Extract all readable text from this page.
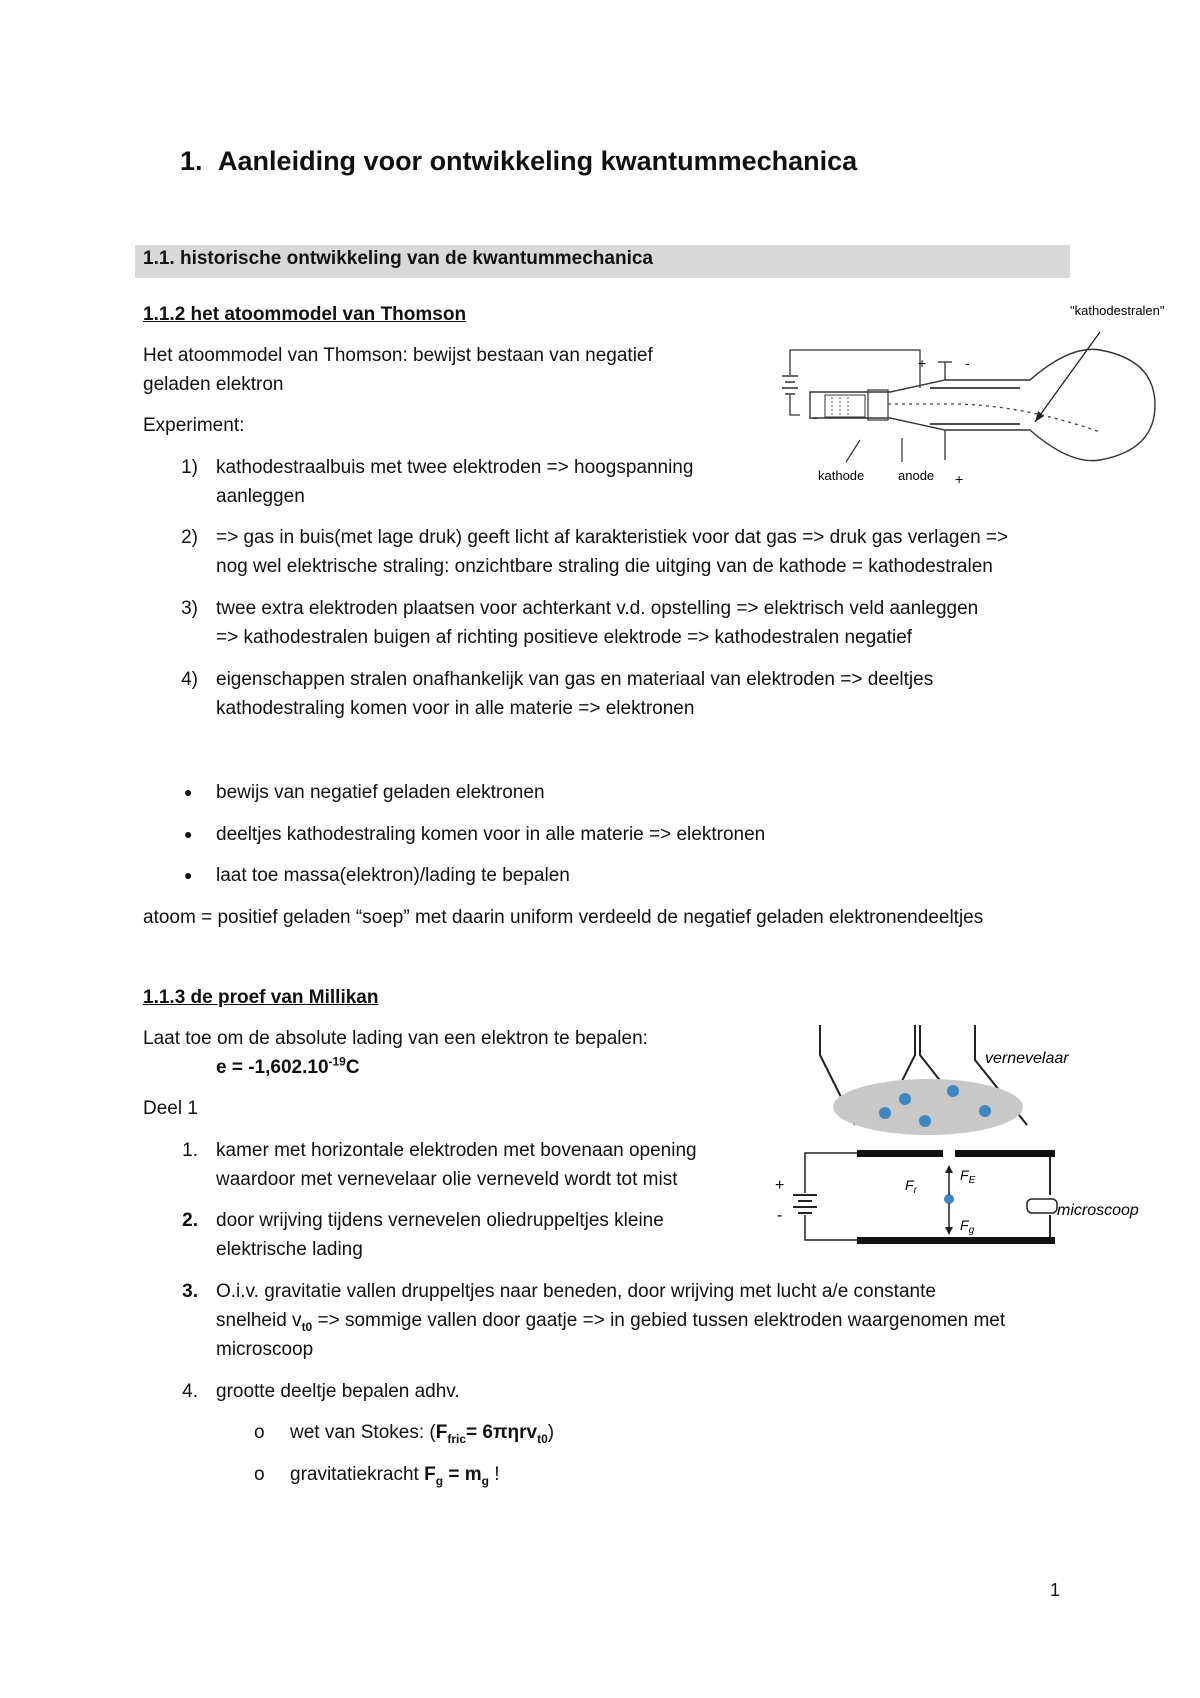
1. Aanleiding voor ontwikkeling kwantummechanica
1.1. historische ontwikkeling van de kwantummechanica
1.1.2 het atoommodel van Thomson
Het atoommodel van Thomson: bewijst bestaan van negatief
geladen elektron
Experiment:
1) kathodestraalbuis met twee elektroden => hoogspanning
aanleggen
2) => gas in buis(met lage druk) geeft licht af karakteristiek voor dat gas => druk gas verlagen =>
nog wel elektrische straling: onzichtbare straling die uitging van de kathode = kathodestralen
3) twee extra elektroden plaatsen voor achterkant v.d. opstelling => elektrisch veld aanleggen
=> kathodestralen buigen af richting positieve elektrode => kathodestralen negatief
4) eigenschappen stralen onafhankelijk van gas en materiaal van elektroden => deeltjes
kathodestraling komen voor in alle materie => elektronen
● bewijs van negatief geladen elektronen
● deeltjes kathodestraling komen voor in alle materie => elektronen
● laat toe massa(elektron)/lading te bepalen
atoom = positief geladen “soep” met daarin uniform verdeeld de negatief geladen elektronendeeltjes
"kathodestralen"
+
-
-
+
kathode	anode
1.1.3 de proef van Millikan
Laat toe om de absolute lading van een elektron te bepalen:
$e = -1,602.10^{-19}C$
Deel 1
1. kamer met horizontale elektroden met bovenaan opening
waardoor met vernevelaar olie verneveld wordt tot mist
2. door wrijving tijdens vernevelen oliedruppeltjes kleine
elektrische lading
3. O.i.v. gravitatie vallen druppeltjes naar beneden, door wrijving met lucht a/e constante
snelheid $v_{t0}$ => sommige vallen door gaatje => in gebied tussen elektroden waargenomen met
microscoop
4. grootte deeltje bepalen adhv.
o wet van Stokes: $(F_{fric}= 6\pi\eta rv_{t0})$
o gravitatiekracht $F_g = m_g$ !
vernevelaar
+
-	microscoop
$F_E$
$F_g$
$F_r$
1
